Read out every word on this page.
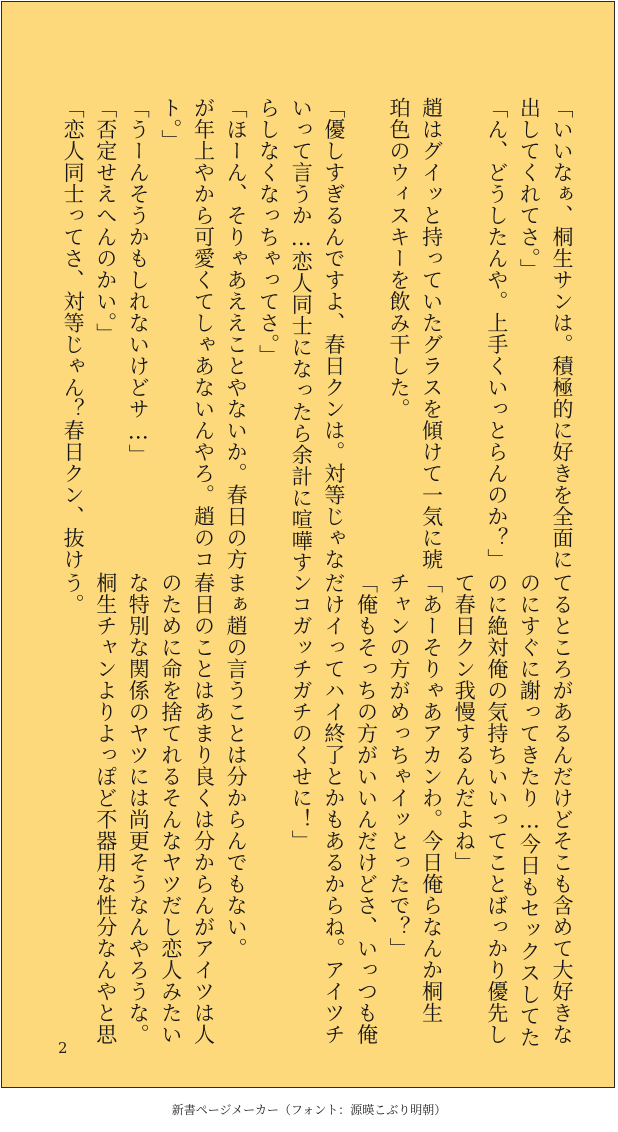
「いいなぁ、桐生サンは。積極的に好きを全面に
出してくれてさ。」
「ん、どうしたんや。上手くいっとらんのか？」
趙はグイッと持っていたグラスを傾けて一気に琥
珀色のウィスキーを飲み干した。
「優しすぎるんですよ、春日クンは。対等じゃな
いって言うか…恋人同士になったら余計に喧嘩す
らしなくなっちゃってさ。」
「ほーん、そりゃあええことやないか。春日の方
が年上やから可愛くてしゃあないんやろ。趙のコ
ト。」
「うーんそうかもしれないけどサ…」
「否定せえへんのかい。」
「恋人同士ってさ、対等じゃん？春日クン、抜け
てるところがあるんだけどそこも含めて大好きな
のにすぐに謝ってきたり…今日もセックスしてた
のに絶対俺の気持ちいいってことばっかり優先し
て春日クン我慢するんだよね」
「あーそりゃあアカンわ。今日俺らなんか桐生
チャンの方がめっちゃイッとったで？」
「俺もそっちの方がいいんだけどさ、いっつも俺
だけイってハイ終了とかもあるからね。アイツチ
ンコガッチガチのくせに！」
まぁ趙の言うことは分からんでもない。
春日のことはあまり良くは分からんがアイツは人
のために命を捨てれるそんなヤツだし恋人みたい
な特別な関係のヤツには尚更そうなんやろうな。
桐生チャンよりよっぽど不器用な性分なんやと思
う。
2
新書ページメーカー（フォント：源暎こぶり明朝）
